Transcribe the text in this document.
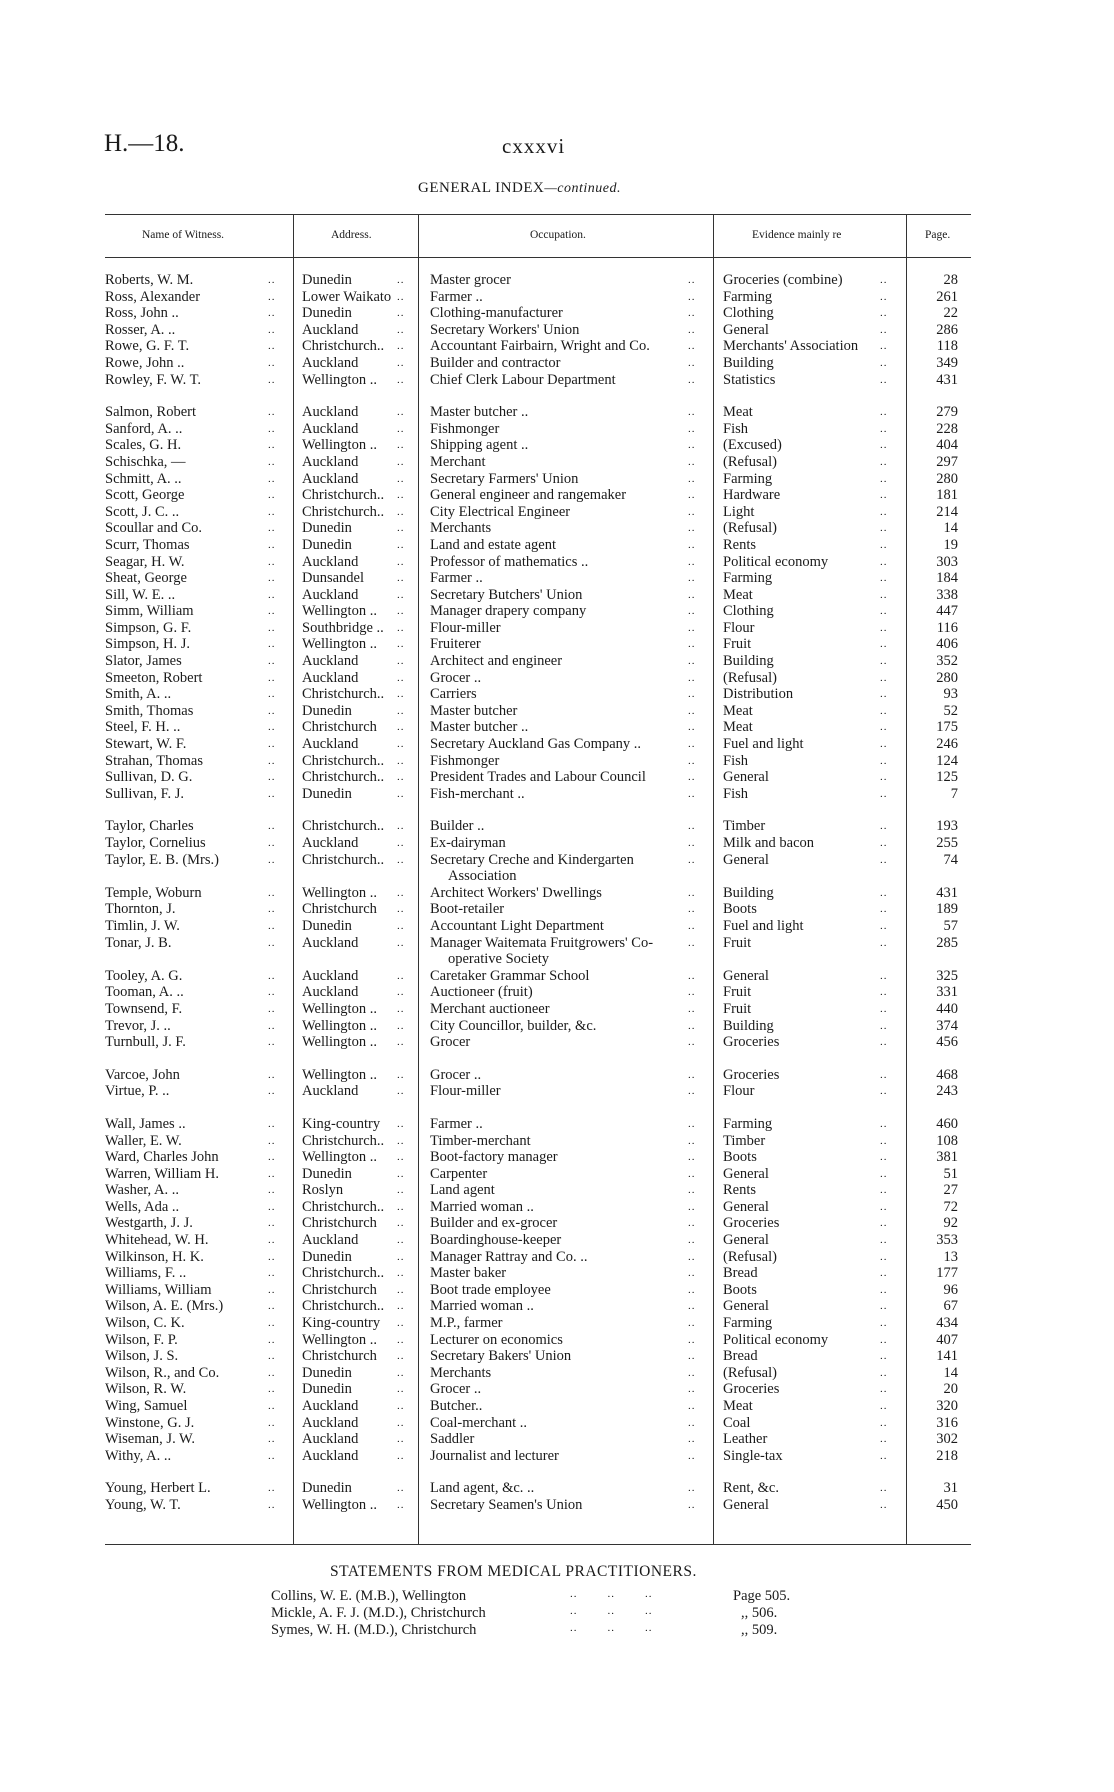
H.—18.	cxxxvi
GENERAL INDEX—continued.
Name of Witness.	Address.	Occupation.	Evidence mainly re	Page.
Roberts, W. M.	Dunedin	Master grocer	Groceries (combine)	28
..	..	..	..
Ross, Alexander	Lower Waikato	Farmer ..	Farming	261
..	..	..	..
Ross, John ..	Dunedin	Clothing-manufacturer	Clothing	22
..	..	..	..
Rosser, A. ..	Auckland	Secretary Workers' Union	General	286
..	..	..	..
Rowe, G. F. T.	Christchurch..	Accountant Fairbairn, Wright and Co.	Merchants' Association	118
..	..	..	..
Rowe, John ..	Auckland	Builder and contractor	Building	349
..	..	..	..
Rowley, F. W. T.	Wellington ..	Chief Clerk Labour Department	Statistics	431
..	..	..	..
Salmon, Robert	Auckland	Master butcher ..	Meat	279
..	..	..	..
Sanford, A. ..	Auckland	Fishmonger	Fish	228
..	..	..	..
Scales, G. H.	Wellington ..	Shipping agent ..	(Excused)	404
..	..	..	..
Schischka, —	Auckland	Merchant	(Refusal)	297
..	..	..	..
Schmitt, A. ..	Auckland	Secretary Farmers' Union	Farming	280
..	..	..	..
Scott, George	Christchurch..	General engineer and rangemaker	Hardware	181
..	..	..	..
Scott, J. C. ..	Christchurch..	City Electrical Engineer	Light	214
..	..	..	..
Scoullar and Co.	Dunedin	Merchants	(Refusal)	14
..	..	..	..
Scurr, Thomas	Dunedin	Land and estate agent	Rents	19
..	..	..	..
Seagar, H. W.	Auckland	Professor of mathematics ..	Political economy	303
..	..	..	..
Sheat, George	Dunsandel	Farmer ..	Farming	184
..	..	..	..
Sill, W. E. ..	Auckland	Secretary Butchers' Union	Meat	338
..	..	..	..
Simm, William	Wellington ..	Manager drapery company	Clothing	447
..	..	..	..
Simpson, G. F.	Southbridge ..	Flour-miller	Flour	116
..	..	..	..
Simpson, H. J.	Wellington ..	Fruiterer	Fruit	406
..	..	..	..
Slator, James	Auckland	Architect and engineer	Building	352
..	..	..	..
Smeeton, Robert	Auckland	Grocer ..	(Refusal)	280
..	..	..	..
Smith, A. ..	Christchurch..	Carriers	Distribution	93
..	..	..	..
Smith, Thomas	Dunedin	Master butcher	Meat	52
..	..	..	..
Steel, F. H. ..	Christchurch	Master butcher ..	Meat	175
..	..	..	..
Stewart, W. F.	Auckland	Secretary Auckland Gas Company ..	Fuel and light	246
..	..	..	..
Strahan, Thomas	Christchurch..	Fishmonger	Fish	124
..	..	..	..
Sullivan, D. G.	Christchurch..	President Trades and Labour Council	General	125
..	..	..	..
Sullivan, F. J.	Dunedin	Fish-merchant ..	Fish	7
..	..	..	..
Taylor, Charles	Christchurch..	Builder ..	Timber	193
..	..	..	..
Taylor, Cornelius	Auckland	Ex-dairyman	Milk and bacon	255
..	..	..	..
Taylor, E. B. (Mrs.)	Christchurch..	Secretary Creche and Kindergarten	General	74
..	..	..	..
Association
Temple, Woburn	Wellington ..	Architect Workers' Dwellings	Building	431
..	..	..	..
Thornton, J.	Christchurch	Boot-retailer	Boots	189
..	..	..	..
Timlin, J. W.	Dunedin	Accountant Light Department	Fuel and light	57
..	..	..	..
Tonar, J. B.	Auckland	Manager Waitemata Fruitgrowers' Co-	Fruit	285
..	..	..	..
operative Society
Tooley, A. G.	Auckland	Caretaker Grammar School	General	325
..	..	..	..
Tooman, A. ..	Auckland	Auctioneer (fruit)	Fruit	331
..	..	..	..
Townsend, F.	Wellington ..	Merchant auctioneer	Fruit	440
..	..	..	..
Trevor, J. ..	Wellington ..	City Councillor, builder, &c.	Building	374
..	..	..	..
Turnbull, J. F.	Wellington ..	Grocer	Groceries	456
..	..	..	..
Varcoe, John	Wellington ..	Grocer ..	Groceries	468
..	..	..	..
Virtue, P. ..	Auckland	Flour-miller	Flour	243
..	..	..	..
Wall, James ..	King-country	Farmer ..	Farming	460
..	..	..	..
Waller, E. W.	Christchurch..	Timber-merchant	Timber	108
..	..	..	..
Ward, Charles John	Wellington ..	Boot-factory manager	Boots	381
..	..	..	..
Warren, William H.	Dunedin	Carpenter	General	51
..	..	..	..
Washer, A. ..	Roslyn	Land agent	Rents	27
..	..	..	..
Wells, Ada ..	Christchurch..	Married woman ..	General	72
..	..	..	..
Westgarth, J. J.	Christchurch	Builder and ex-grocer	Groceries	92
..	..	..	..
Whitehead, W. H.	Auckland	Boardinghouse-keeper	General	353
..	..	..	..
Wilkinson, H. K.	Dunedin	Manager Rattray and Co. ..	(Refusal)	13
..	..	..	..
Williams, F. ..	Christchurch..	Master baker	Bread	177
..	..	..	..
Williams, William	Christchurch	Boot trade employee	Boots	96
..	..	..	..
Wilson, A. E. (Mrs.)	Christchurch..	Married woman ..	General	67
..	..	..	..
Wilson, C. K.	King-country	M.P., farmer	Farming	434
..	..	..	..
Wilson, F. P.	Wellington ..	Lecturer on economics	Political economy	407
..	..	..	..
Wilson, J. S.	Christchurch	Secretary Bakers' Union	Bread	141
..	..	..	..
Wilson, R., and Co.	Dunedin	Merchants	(Refusal)	14
..	..	..	..
Wilson, R. W.	Dunedin	Grocer ..	Groceries	20
..	..	..	..
Wing, Samuel	Auckland	Butcher..	Meat	320
..	..	..	..
Winstone, G. J.	Auckland	Coal-merchant ..	Coal	316
..	..	..	..
Wiseman, J. W.	Auckland	Saddler	Leather	302
..	..	..	..
Withy, A. ..	Auckland	Journalist and lecturer	Single-tax	218
..	..	..	..
Young, Herbert L.	Dunedin	Land agent, &c. ..	Rent, &c.	31
..	..	..	..
Young, W. T.	Wellington ..	Secretary Seamen's Union	General	450
..	..	..	..
STATEMENTS FROM MEDICAL PRACTITIONERS.
Collins, W. E. (M.B.), Wellington	Page 505.
Mickle, A. F. J. (M.D.), Christchurch	,, 506.
Symes, W. H. (M.D.), Christchurch	,, 509.
..        ..        ..
..        ..        ..
..        ..        ..
